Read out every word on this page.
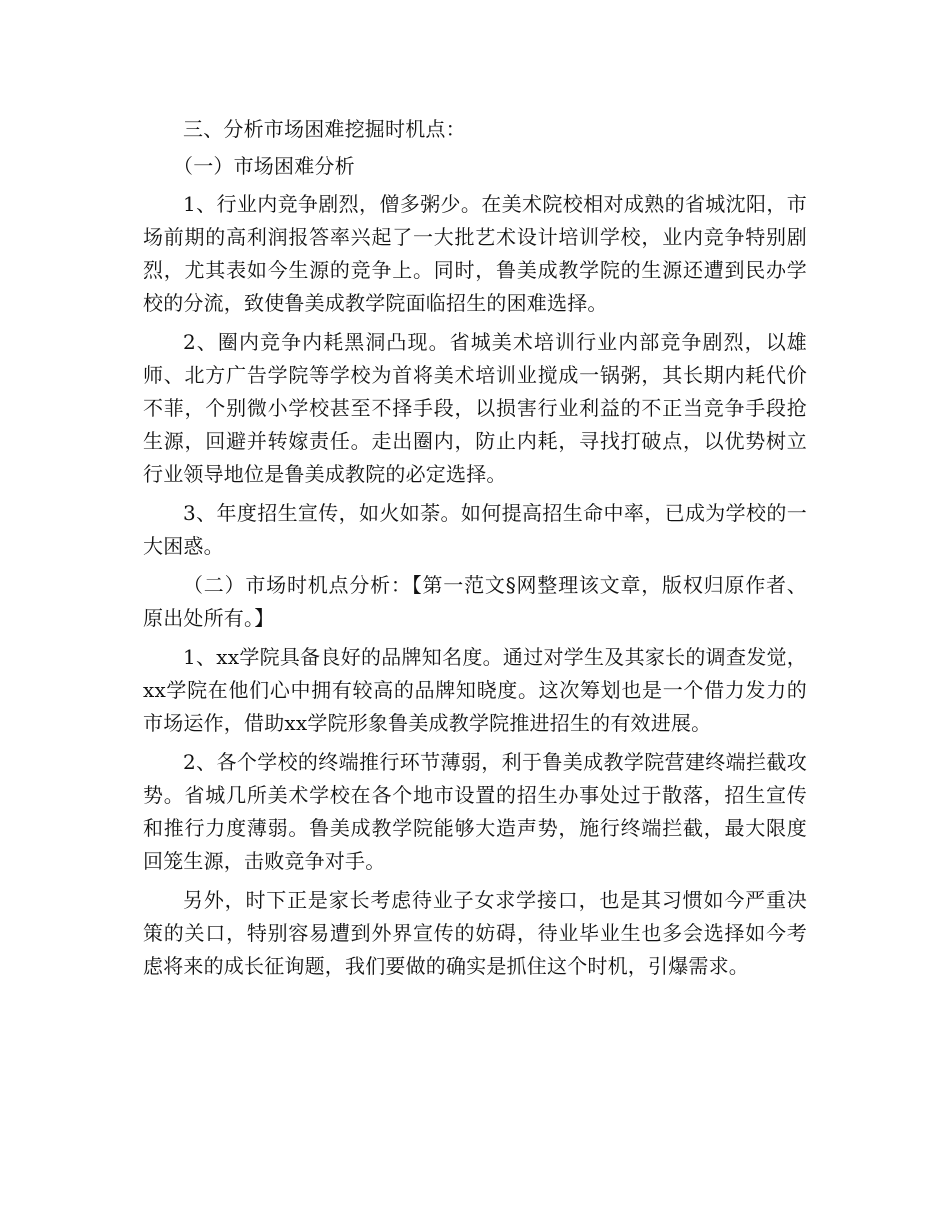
三、分析市场困难挖掘时机点：

（一）市场困难分析

1、行业内竞争剧烈，僧多粥少。在美术院校相对成熟的省城沈阳，市场前期的高利润报答率兴起了一大批艺术设计培训学校，业内竞争特别剧烈，尤其表如今生源的竞争上。同时，鲁美成教学院的生源还遭到民办学校的分流，致使鲁美成教学院面临招生的困难选择。

2、圈内竞争内耗黑洞凸现。省城美术培训行业内部竞争剧烈，以雄师、北方广告学院等学校为首将美术培训业搅成一锅粥，其长期内耗代价不菲，个别微小学校甚至不择手段，以损害行业利益的不正当竞争手段抢生源，回避并转嫁责任。走出圈内，防止内耗，寻找打破点，以优势树立行业领导地位是鲁美成教院的必定选择。

3、年度招生宣传，如火如荼。如何提高招生命中率，已成为学校的一大困惑。

（二）市场时机点分析：【第一范文§网整理该文章，版权归原作者、原出处所有。】

1、xx学院具备良好的品牌知名度。通过对学生及其家长的调查发觉，xx学院在他们心中拥有较高的品牌知晓度。这次筹划也是一个借力发力的市场运作，借助xx学院形象鲁美成教学院推进招生的有效进展。

2、各个学校的终端推行环节薄弱，利于鲁美成教学院营建终端拦截攻势。省城几所美术学校在各个地市设置的招生办事处过于散落，招生宣传和推行力度薄弱。鲁美成教学院能够大造声势，施行终端拦截，最大限度回笼生源，击败竞争对手。

另外，时下正是家长考虑待业子女求学接口，也是其习惯如今严重决策的关口，特别容易遭到外界宣传的妨碍，待业毕业生也多会选择如今考虑将来的成长征询题，我们要做的确实是抓住这个时机，引爆需求。
